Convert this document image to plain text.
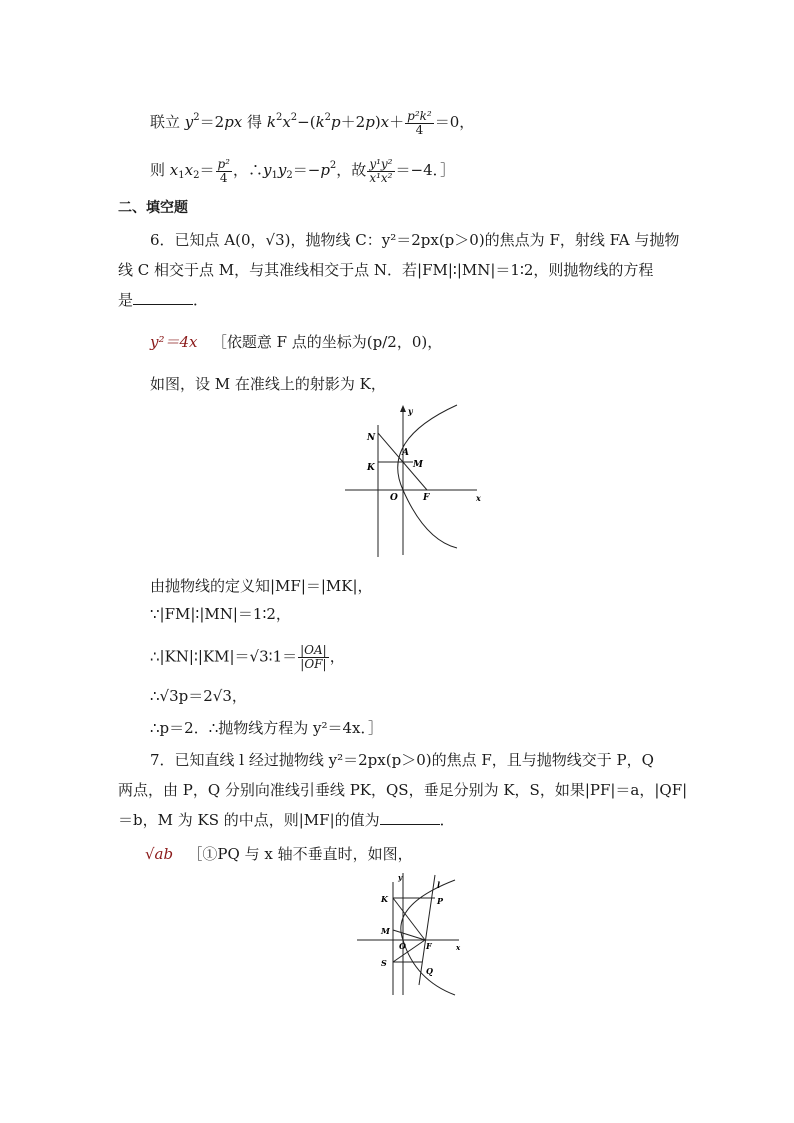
联立 $y^2=2px$ 得 $k^2x^2-(k^2p+2p)x+ \frac{\text{p²k²}}{4} =0$，
则 $x_1x_2= \frac{\text{p²}}{4}$ ，$\therefore y_1y_2=-p^2$，故 $\frac{\text{y¹y²}}{\text{x¹x²}} =-4$．］
二、填空题
6．已知点 A(0，√3)，抛物线 C：y²＝2px(p＞0)的焦点为 F，射线 FA 与抛物
线 C 相交于点 M，与其准线相交于点 N．若|FM|∶|MN|＝1∶2，则抛物线的方程
是	．
y²＝4x ［依题意 F 点的坐标为(p/2，0)，
如图，设 M 在准线上的射影为 K，
N
K
A
M
O	F	x
y
由抛物线的定义知|MF|＝|MK|，
∵|FM|∶|MN|＝1∶2，
∴|KN|∶|KM|＝√3∶1＝ $\frac{|OA|}{|OF|}$ ，
∴√3p＝2√3，
∴p＝2．∴抛物线方程为 y²＝4x．］
7．已知直线 l 经过抛物线 y²＝2px(p＞0)的焦点 F，且与抛物线交于 P，Q
两点，由 P，Q 分别向准线引垂线 PK，QS，垂足分别为 K，S，如果|PF|＝a，|QF|
＝b，M 为 KS 的中点，则|MF|的值为	．
√ab ［①PQ 与 x 轴不垂直时，如图，
K
M
O	F
S
P
Q
l
x
y
